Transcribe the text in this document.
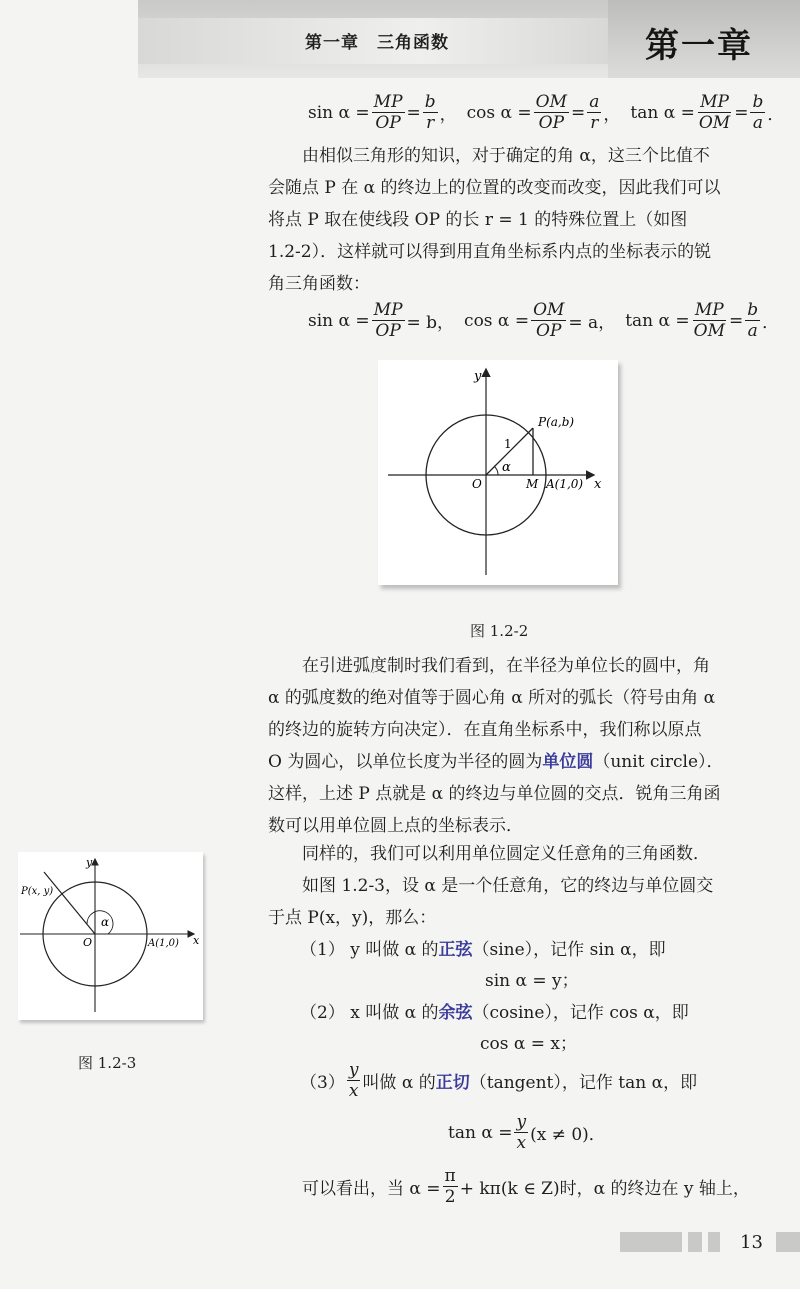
第一章　三角函数	第一章
$\sin \alpha = \frac{MP}{OP} = \frac{b}{r}$ ， $\cos \alpha = \frac{OM}{OP} = \frac{a}{r}$ ， $\tan \alpha = \frac{MP}{OM} = \frac{b}{a}$ ．

由相似三角形的知识，对于确定的角 α，这三个比值不

会随点 P 在 α 的终边上的位置的改变而改变，因此我们可以

将点 P 取在使线段 OP 的长 r = 1 的特殊位置上（如图

1.2-2）．这样就可以得到用直角坐标系内点的坐标表示的锐

角三角函数：

$\sin \alpha = \frac{MP}{OP} = b$， $\cos \alpha = \frac{OM}{OP} = a$， $\tan \alpha = \frac{MP}{OM} = \frac{b}{a}$ ．
y
x
O	M A(1,0)
P(a,b)
1
α
图 1.2-2

在引进弧度制时我们看到，在半径为单位长的圆中，角

α 的弧度数的绝对值等于圆心角 α 所对的弧长（符号由角 α

的终边的旋转方向决定）．在直角坐标系中，我们称以原点

O 为圆心，以单位长度为半径的圆为单位圆（unit circle）．

这样，上述 P 点就是 α 的终边与单位圆的交点．锐角三角函

数可以用单位圆上点的坐标表示．

同样的，我们可以利用单位圆定义任意角的三角函数．

如图 1.2-3，设 α 是一个任意角，它的终边与单位圆交

于点 P(x，y)，那么：

（1） y 叫做 α 的正弦（sine），记作 sin α，即
sin α = y；
（2） x 叫做 α 的余弦（cosine），记作 cos α，即
cos α = x；
$(3) \frac{y}{x}$ 叫做 α 的 正切 （tangent），记作 tan α，即
$\tan \alpha = \frac{y}{x} (x \ne 0)$．
可以看出，当 $\alpha = \frac{\pi}{2} + k\pi(k$ ∈ Z)时，α 的终边在 y 轴上，
y
x
O	A(1,0)
P(x, y)
α
图 1.2-3
13
